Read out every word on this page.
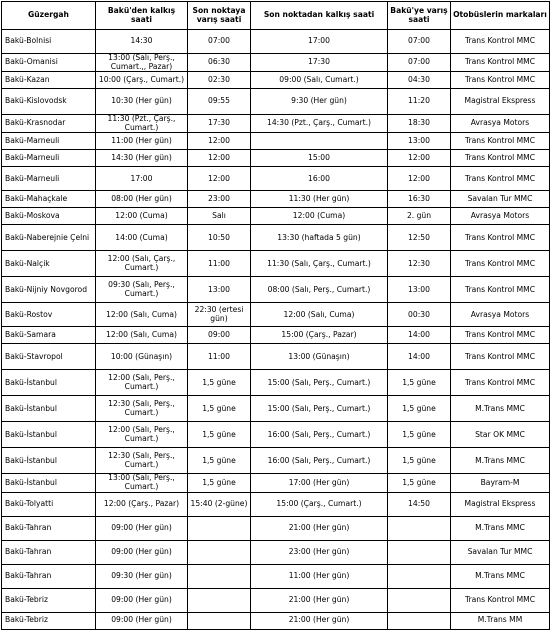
Güzergah	Bakü'den kalkış saati	Son noktaya varış saati	Son noktadan kalkış saati	Bakü'ye varış saati	Otobüslerin markaları
Bakü-Bolnisi	14:30	07:00	17:00	07:00	Trans Kontrol MMC
Bakü-Omanisi	13:00 (Salı, Perş., Cumart.,, Pazar)	06:30	17:30	07:00	Trans Kontrol MMC
Bakü-Kazan	10:00 (Çarş., Cumart.)	02:30	09:00 (Salı, Cumart.)	04:30	Trans Kontrol MMC
Bakü-Kislovodsk	10:30 (Her gün)	09:55	9:30 (Her gün)	11:20	Magistral Ekspress
Bakü-Krasnodar	11:30 (Pzt., Çarş., Cumart.)	17:30	14:30 (Pzt., Çarş., Cumart.)	18:30	Avrasya Motors
Bakü-Marneuli	11:00 (Her gün)	12:00		13:00	Trans Kontrol MMC
Bakü-Marneuli	14:30 (Her gün)	12:00	15:00	12:00	Trans Kontrol MMC
Bakü-Marneuli	17:00	12:00	16:00	12:00	Trans Kontrol MMC
Bakü-Mahaçkale	08:00 (Her gün)	23:00	11:30 (Her gün)	16:30	Savalan Tur MMC
Bakü-Moskova	12:00 (Cuma)	Salı	12:00 (Cuma)	2. gün	Avrasya Motors
Bakü-Naberejnie Çelni	14:00 (Cuma)	10:50	13:30 (haftada 5 gün)	12:50	Trans Kontrol MMC
Bakü-Nalçik	12:00 (Salı, Çarş., Cumart.)	11:00	11:30 (Salı, Çarş., Cumart.)	12:30	Trans Kontrol MMC
Bakü-Nijniy Novgorod	09:30 (Salı, Perş., Cumart.)	13:00	08:00 (Salı, Perş., Cumart.)	13:00	Trans Kontrol MMC
Bakü-Rostov	12:00 (Salı, Cuma)	22:30 (ertesi gün)	12:00 (Salı, Cuma)	00:30	Avrasya Motors
Bakü-Samara	12:00 (Salı, Cuma)	09:00	15:00 (Çarş., Pazar)	14:00	Trans Kontrol MMC
Bakü-Stavropol	10:00 (Günaşın)	11:00	13:00 (Günaşın)	14:00	Trans Kontrol MMC
Bakü-İstanbul	12:00 (Salı, Perş., Cumart.)	1,5 güne	15:00 (Salı, Perş., Cumart.)	1,5 güne	Trans Kontrol MMC
Bakü-İstanbul	12:30 (Salı, Perş., Cumart.)	1,5 güne	15:00 (Salı, Perş., Cumart.)	1,5 güne	M.Trans MMC
Bakü-İstanbul	12:00 (Salı, Perş., Cumart.)	1,5 güne	16:00 (Salı, Perş., Cumart.)	1,5 güne	Star OK MMC
Bakü-İstanbul	12:30 (Salı, Perş., Cumart.)	1,5 güne	16:00 (Salı, Perş., Cumart.)	1,5 güne	M.Trans MMC
Bakü-İstanbul	13:00 (Salı, Perş., Cumart.)	1,5 güne	17:00 (Her gün)	1,5 güne	Bayram-M
Bakü-Tolyatti	12:00 (Çarş., Pazar)	15:40 (2-güne)	15:00 (Çarş., Cumart.)	14:50	Magistral Ekspress
Bakü-Tahran	09:00 (Her gün)		21:00 (Her gün)		M.Trans MMC
Bakü-Tahran	09:00 (Her gün)		23:00 (Her gün)		Savalan Tur MMC
Bakü-Tahran	09:30 (Her gün)		11:00 (Her gün)		M.Trans MMC
Bakü-Tebriz	09:00 (Her gün)		21:00 (Her gün)		Trans Kontrol MMC
Bakü-Tebriz	09:00 (Her gün)		21:00 (Her gün)		M.Trans MM
